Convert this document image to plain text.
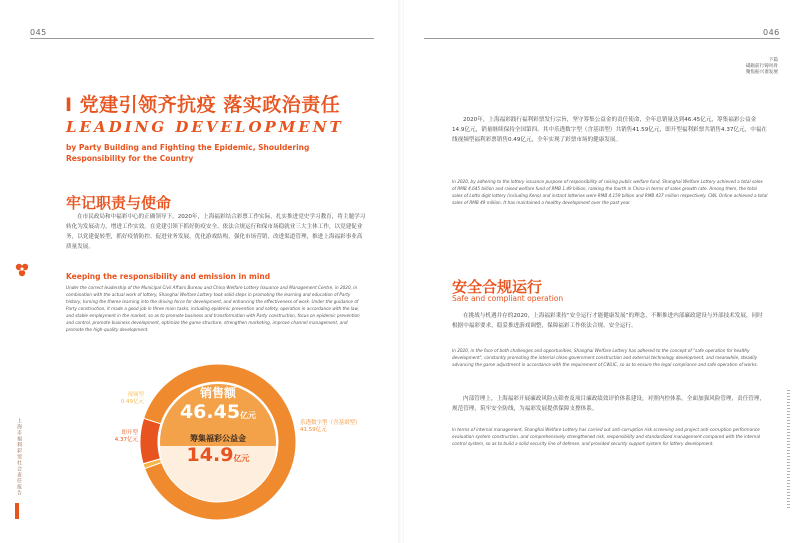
045	046
下篇
砥砺前行铸风骨
聚焦振兴谱发展
上海市福利彩票社会责任报告
I 党建引领齐抗疫 落实政治责任
LEADING DEVELOPMENT
by Party Building and Fighting the Epidemic, Shouldering Responsibility for the Country
牢记职责与使命
在市民政局和中福彩中心的正确领导下，2020年，上海福彩结合彩票工作实际，扎实推进党史学习教育，将主题学习转化为发展动力，增进工作实效。在党建引领下抓好防疫安全、依法合规运行和保市场稳就业三大主体工作，以党建促业务，以党建促转型，抓好疫情防控、促进业务发展，优化游戏结构，强化市场营销，改进渠道管理，推进上海福彩事业高质量发展。
Keeping the responsibility and emission in mind
Under the correct leadership of the Municipal Civil Affairs Bureau and China Welfare Lottery Issuance and Management Centre, in 2020, in combination with the actual work of lottery, Shanghai Welfare Lottery took solid steps in promoting the learning and education of Party history, turning the theme learning into the driving force for development, and enhancing the effectiveness of work. Under the guidance of Party construction, it made a good job in three main tasks, including epidemic prevention and safety, operation in accordance with the law, and stable employment in the market, so as to promote business and transformation with Party construction, focus on epidemic prevention and control, promote business development, optimize the game structure, strengthen marketing, improve channel management, and promote the high-quality development.
销售额
46.45亿元
筹集福彩公益金
14.9亿元
视频型
0.49亿元
即开型
4.37亿元
乐透数字型（含基诺型）
41.59亿元
2020年，上海福彩践行福利彩票发行宗旨，坚守筹集公益金的责任使命，全年总销量达到46.45亿元，筹集福彩公益金14.9亿元，销量继续保持全国第四。其中乐透数字型（含基诺型）共销售41.59亿元，即开型福利彩票共销售4.37亿元，中福在线视频型福利彩票销售0.49亿元，全年实现了彩票市场的健康发展。
In 2020, by adhering to the lottery issuance purpose of responsibility of raising public welfare fund, Shanghai Welfare Lottery achieved a total sales of RMB 4.645 billion and raised welfare fund of RMB 1.49 billion, ranking the fourth in China in terms of sales growth rate. Among them, the total sales of Lotto digit lottery (including Keno) and instant lotteries were RMB 4.159 billion and RMB 437 million respectively. CWL Online achieved a total sales of RMB 49 million. It has maintained a healthy development over the past year.
安全合规运行
Safe and compliant operation
在挑战与机遇并存的2020，上海福彩秉持“安全运行才能健康发展”的理念，不断推进内部廉政建设与外部技术发展，同时根据中福彩要求，稳妥推进游戏调整，保障福彩工作依法合规、安全运行。
In 2020, in the face of both challenges and opportunities, Shanghai Welfare Lottery has adhered to the concept of "safe operation for healthy development", constantly promoting the internal clean-government construction and external technology development, and meanwhile, steadily advancing the game adjustment in accordance with the requirement of CWLIC, so as to ensure the legal compliance and safe operation of works.
内部管理上，上海福彩开展廉政风险点筛查及项目廉政绩效评价体系建设，对照内控体系，全面加强风险管理，责任管理，规范管理，筑牢安全防线，为福彩发展提供保障支撑体系。
In terms of internal management, Shanghai Welfare Lottery has carried out anti-corruption risk screening and project anti-corruption performance evaluation system construction, and comprehensively strengthened risk, responsibility and standardized management compared with the internal control system, so as to build a solid security line of defense, and provided security support system for lottery development.
